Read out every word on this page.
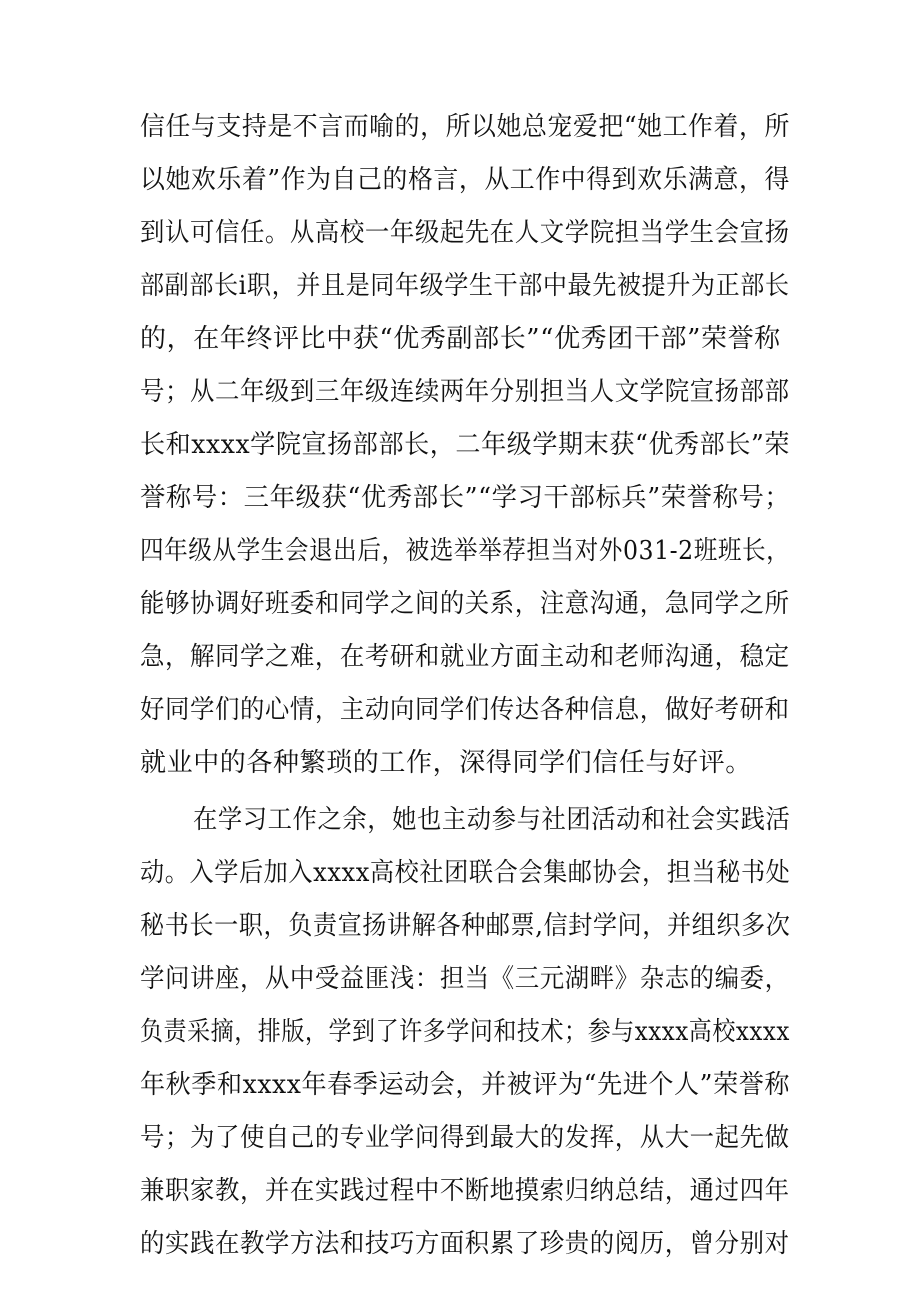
信任与支持是不言而喻的，所以她总宠爱把“她工作着，所
以她欢乐着”作为自己的格言，从工作中得到欢乐满意，得
到认可信任。从高校一年级起先在人文学院担当学生会宣扬
部副部长i职，并且是同年级学生干部中最先被提升为正部长
的，在年终评比中获“优秀副部长”“优秀团干部”荣誉称
号；从二年级到三年级连续两年分别担当人文学院宣扬部部
长和xxxx学院宣扬部部长，二年级学期末获“优秀部长”荣
誉称号：三年级获“优秀部长”“学习干部标兵”荣誉称号；
四年级从学生会退出后，被选举举荐担当对外031-2班班长，
能够协调好班委和同学之间的关系，注意沟通，急同学之所
急，解同学之难，在考研和就业方面主动和老师沟通，稳定
好同学们的心情，主动向同学们传达各种信息，做好考研和
就业中的各种繁琐的工作，深得同学们信任与好评。
在学习工作之余，她也主动参与社团活动和社会实践活
动。入学后加入xxxx高校社团联合会集邮协会，担当秘书处
秘书长一职，负责宣扬讲解各种邮票,信封学问，并组织多次
学问讲座，从中受益匪浅：担当《三元湖畔》杂志的编委，
负责采摘，排版，学到了许多学问和技术；参与xxxx高校xxxx
年秋季和xxxx年春季运动会，并被评为“先进个人”荣誉称
号；为了使自己的专业学问得到最大的发挥，从大一起先做
兼职家教，并在实践过程中不断地摸索归纳总结，通过四年
的实践在教学方法和技巧方面积累了珍贵的阅历，曾分别对
